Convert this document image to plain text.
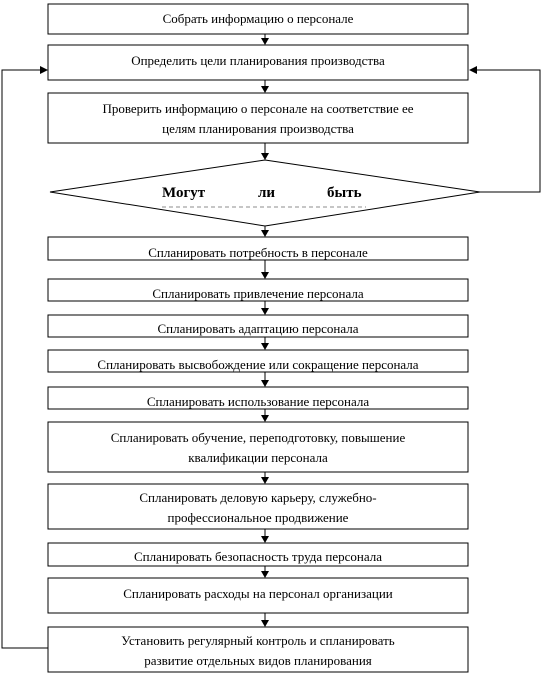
Могут	ли	быть
Собрать информацию о персонале
Определить цели планирования производства
Проверить информацию о персонале на соответствие ее
целям планирования производства
Спланировать потребность в персонале
Спланировать привлечение персонала
Спланировать адаптацию персонала
Спланировать высвобождение или сокращение персонала
Спланировать использование персонала
Спланировать обучение, переподготовку, повышение
квалификации персонала
Спланировать деловую карьеру, служебно-
профессиональное продвижение
Спланировать безопасность труда персонала
Спланировать расходы на персонал организации
Установить регулярный контроль и спланировать
развитие отдельных видов планирования
